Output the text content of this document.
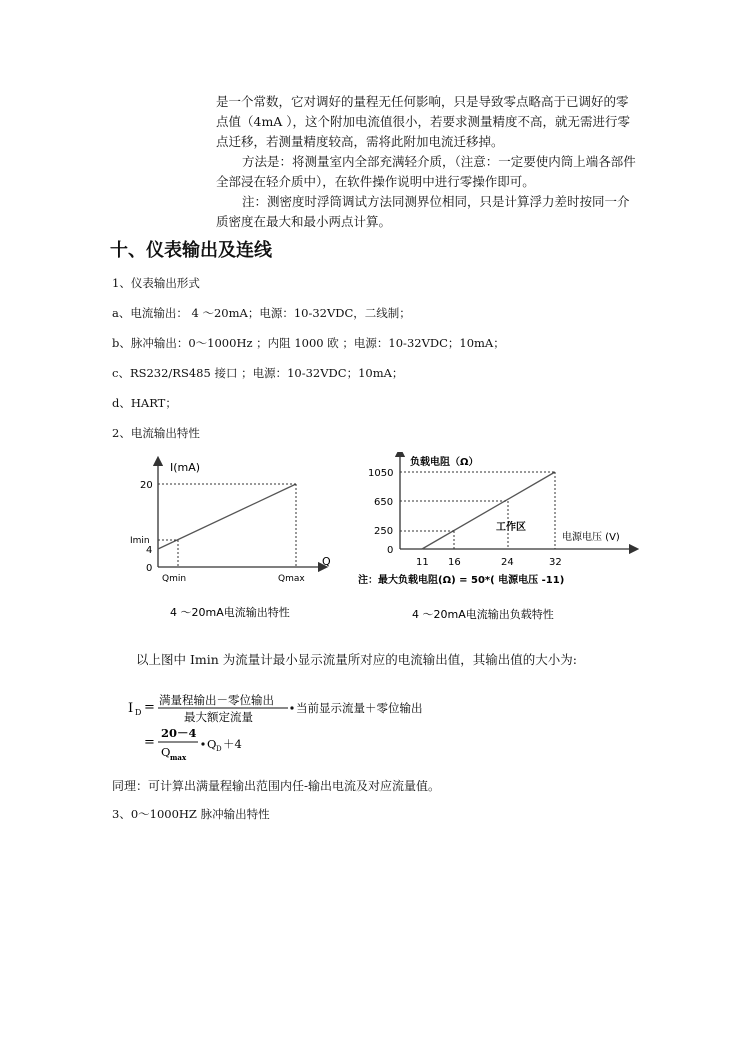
是一个常数，它对调好的量程无任何影响，只是导致零点略高于已调好的零点值（4mA ），这个附加电流值很小，若要求测量精度不高，就无需进行零点迁移，若测量精度较高，需将此附加电流迁移掉。

方法是：将测量室内全部充满轻介质，（注意：一定要使内筒上端各部件全部浸在轻介质中），在软件操作说明中进行零操作即可。

注：测密度时浮筒调试方法同测界位相同，只是计算浮力差时按同一介质密度在最大和最小两点计算。

十、仪表输出及连线

1、仪表输出形式

a、电流输出： 4 ～20mA；电源：10-32VDC，二线制；

b、脉冲输出：0～1000Hz ；内阻 1000 欧 ；电源：10-32VDC；10mA；

c、RS232/RS485 接口 ；电源：10-32VDC；10mA；

d、HART；

2、电流输出特性

I(mA)
Q
20
Imin
4
0
Qmin	Qmax
4 ～20mA电流输出特性
负载电阻（Ω）
电源电压 (V)
工作区
1050
650
250
0
11 16	24	32
注：最大负载电阻(Ω) = 50*( 电源电压 -11)
4 ～20mA电流输出负载特性

以上图中 Imin 为流量计最小显示流量所对应的电流输出值，其输出值的大小为:

I D = 满量程输出－零位输出
最大额定流量
当前显示流量＋零位输出
=
20－4
Q max
Q D ＋4

同理：可计算出满量程输出范围内任-输出电流及对应流量值。

3、0～1000HZ 脉冲输出特性
